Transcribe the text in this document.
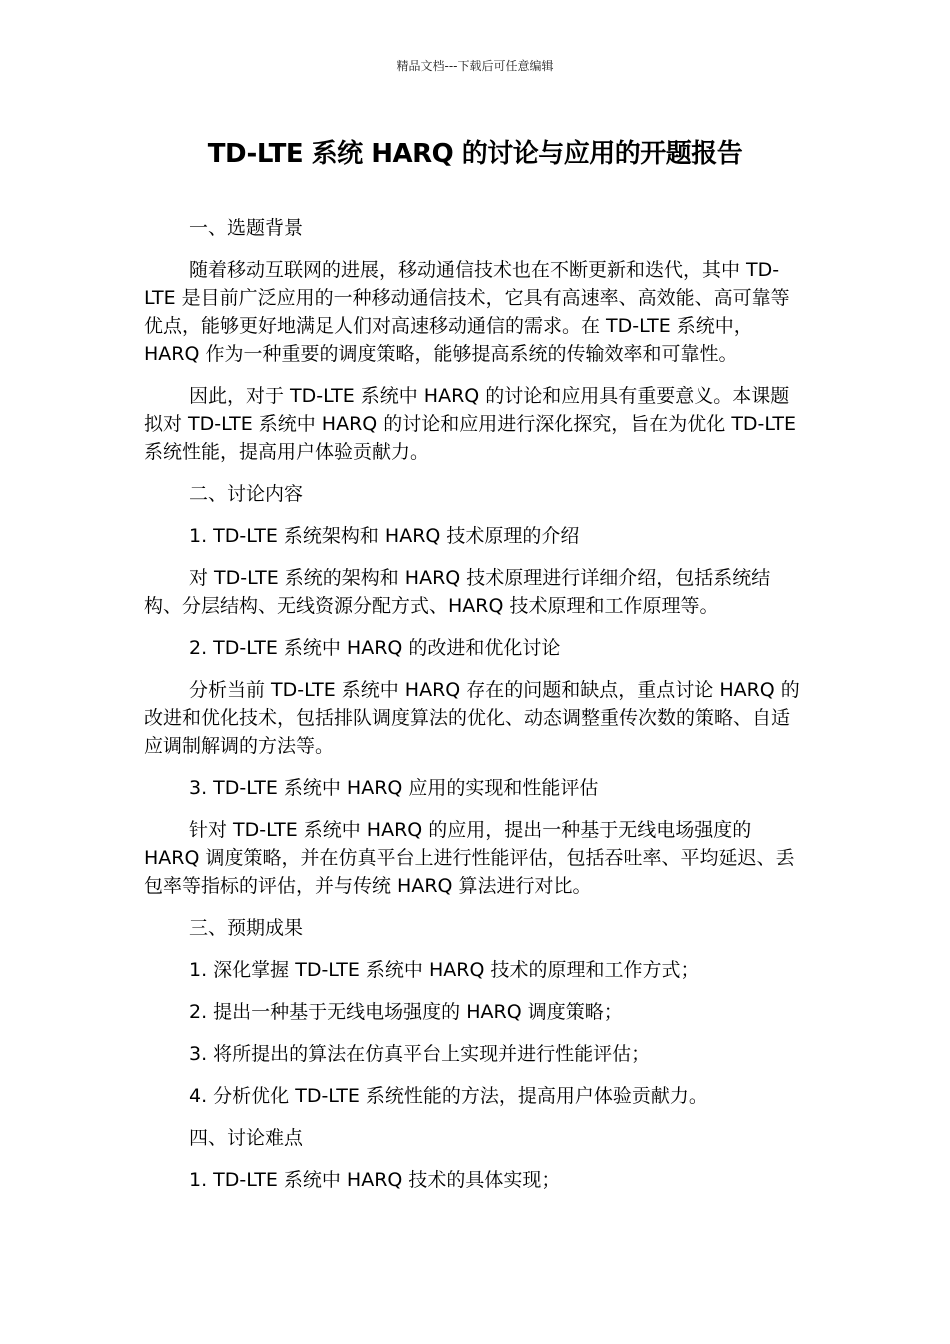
精品文档---下载后可任意编辑
TD-LTE 系统 HARQ 的讨论与应用的开题报告

一、选题背景

随着移动互联网的进展，移动通信技术也在不断更新和迭代，其中 TD-LTE 是目前广泛应用的一种移动通信技术，它具有高速率、高效能、高可靠等优点，能够更好地满足人们对高速移动通信的需求。在 TD-LTE 系统中，HARQ 作为一种重要的调度策略，能够提高系统的传输效率和可靠性。

因此，对于 TD-LTE 系统中 HARQ 的讨论和应用具有重要意义。本课题拟对 TD-LTE 系统中 HARQ 的讨论和应用进行深化探究，旨在为优化 TD-LTE 系统性能，提高用户体验贡献力。

二、讨论内容

1. TD-LTE 系统架构和 HARQ 技术原理的介绍

对 TD-LTE 系统的架构和 HARQ 技术原理进行详细介绍，包括系统结构、分层结构、无线资源分配方式、HARQ 技术原理和工作原理等。

2. TD-LTE 系统中 HARQ 的改进和优化讨论

分析当前 TD-LTE 系统中 HARQ 存在的问题和缺点，重点讨论 HARQ 的改进和优化技术，包括排队调度算法的优化、动态调整重传次数的策略、自适应调制解调的方法等。

3. TD-LTE 系统中 HARQ 应用的实现和性能评估

针对 TD-LTE 系统中 HARQ 的应用，提出一种基于无线电场强度的 HARQ 调度策略，并在仿真平台上进行性能评估，包括吞吐率、平均延迟、丢包率等指标的评估，并与传统 HARQ 算法进行对比。

三、预期成果

1. 深化掌握 TD-LTE 系统中 HARQ 技术的原理和工作方式；

2. 提出一种基于无线电场强度的 HARQ 调度策略；

3. 将所提出的算法在仿真平台上实现并进行性能评估；

4. 分析优化 TD-LTE 系统性能的方法，提高用户体验贡献力。

四、讨论难点

1. TD-LTE 系统中 HARQ 技术的具体实现；
